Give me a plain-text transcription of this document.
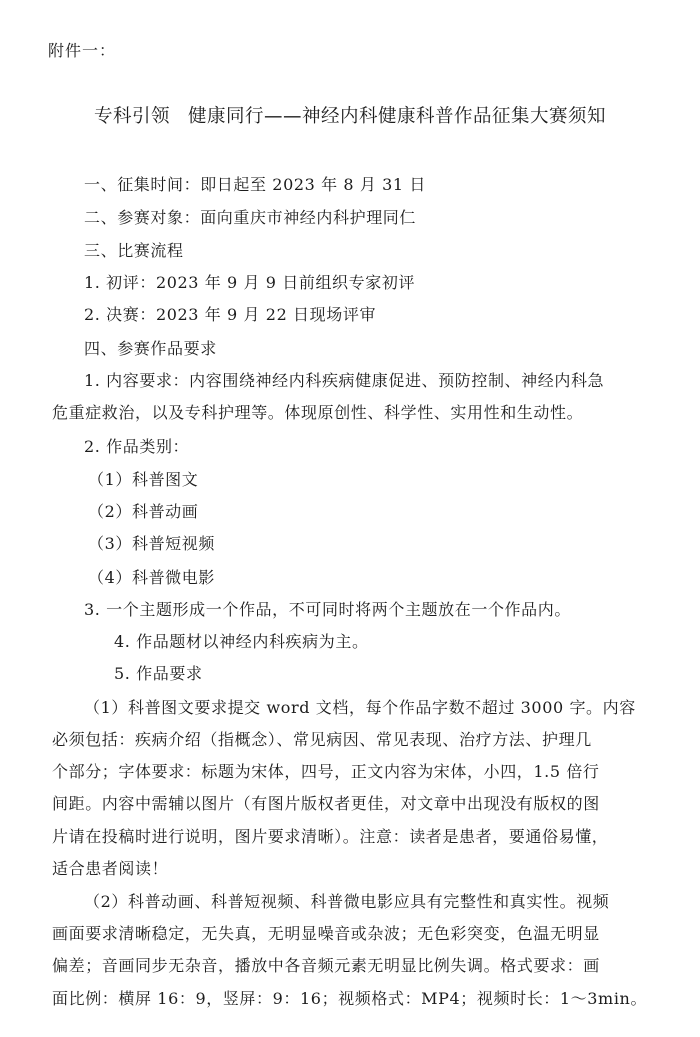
附件一：
专科引领 健康同行——神经内科健康科普作品征集大赛须知
一、征集时间：即日起至 2023 年 8 月 31 日
二、参赛对象：面向重庆市神经内科护理同仁
三、比赛流程
1. 初评：2023 年 9 月 9 日前组织专家初评
2. 决赛：2023 年 9 月 22 日现场评审
四、参赛作品要求
1. 内容要求：内容围绕神经内科疾病健康促进、预防控制、神经内科急
危重症救治，以及专科护理等。体现原创性、科学性、实用性和生动性。
2. 作品类别：
（1）科普图文
（2）科普动画
（3）科普短视频
（4）科普微电影
3. 一个主题形成一个作品，不可同时将两个主题放在一个作品内。
4. 作品题材以神经内科疾病为主。
5. 作品要求
（1）科普图文要求提交 word 文档，每个作品字数不超过 3000 字。内容
必须包括：疾病介绍（指概念）、常见病因、常见表现、治疗方法、护理几
个部分；字体要求：标题为宋体，四号，正文内容为宋体，小四，1.5 倍行
间距。内容中需辅以图片（有图片版权者更佳，对文章中出现没有版权的图
片请在投稿时进行说明，图片要求清晰）。注意：读者是患者，要通俗易懂，
适合患者阅读！
（2）科普动画、科普短视频、科普微电影应具有完整性和真实性。视频
画面要求清晰稳定，无失真，无明显噪音或杂波；无色彩突变，色温无明显
偏差；音画同步无杂音，播放中各音频元素无明显比例失调。格式要求：画
面比例：横屏 16：9，竖屏：9：16；视频格式：MP4；视频时长：1～3min。
